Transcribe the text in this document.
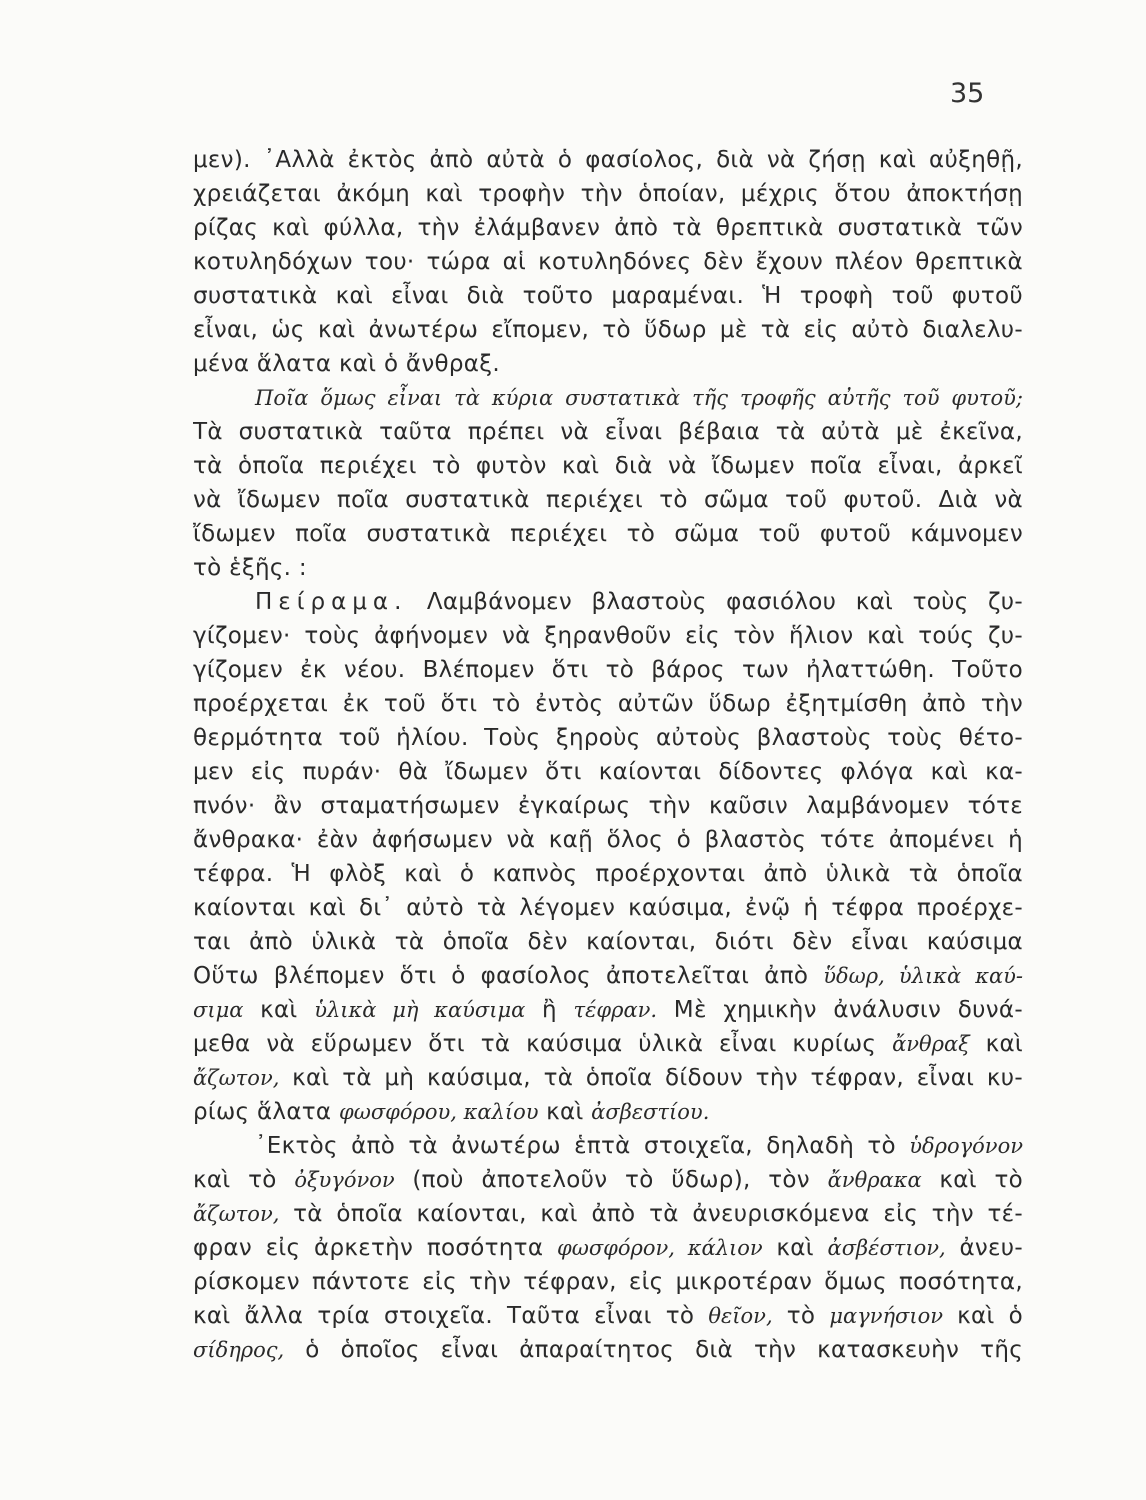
35
μεν). ᾽Αλλὰ ἐκτὸς ἀπὸ αὐτὰ ὁ φασίολος, διὰ νὰ ζήσῃ καὶ αὐξηθῇ,
χρειάζεται ἀκόμη καὶ τροφὴν τὴν ὁποίαν, μέχρις ὅτου ἀποκτήσῃ
ρίζας καὶ φύλλα, τὴν ἐλάμβανεν ἀπὸ τὰ θρεπτικὰ συστατικὰ τῶν
κοτυληδόχων του· τώρα αἱ κοτυληδόνες δὲν ἔχουν πλέον θρεπτικὰ
συστατικὰ καὶ εἶναι διὰ τοῦτο μαραμέναι. Ἡ τροφὴ τοῦ φυτοῦ
εἶναι, ὡς καὶ ἀνωτέρω εἴπομεν, τὸ ὕδωρ μὲ τὰ εἰς αὐτὸ διαλελυ-
μένα ἅλατα καὶ ὁ ἄνθραξ.
Ποῖα ὅμως εἶναι τὰ κύρια συστατικὰ τῆς τροφῆς αὐτῆς τοῦ φυτοῦ;
Τὰ συστατικὰ ταῦτα πρέπει νὰ εἶναι βέβαια τὰ αὐτὰ μὲ ἐκεῖνα,
τὰ ὁποῖα περιέχει τὸ φυτὸν καὶ διὰ νὰ ἴδωμεν ποῖα εἶναι, ἀρκεῖ
νὰ ἴδωμεν ποῖα συστατικὰ περιέχει τὸ σῶμα τοῦ φυτοῦ. Διὰ νὰ
ἴδωμεν ποῖα συστατικὰ περιέχει τὸ σῶμα τοῦ φυτοῦ κάμνομεν
τὸ ἑξῆς. :
Πείραμα. Λαμβάνομεν βλαστοὺς φασιόλου καὶ τοὺς ζυ-
γίζομεν· τοὺς ἀφήνομεν νὰ ξηρανθοῦν εἰς τὸν ἥλιον καὶ τούς ζυ-
γίζομεν ἐκ νέου. Βλέπομεν ὅτι τὸ βάρος των ἠλαττώθη. Τοῦτο
προέρχεται ἐκ τοῦ ὅτι τὸ ἐντὸς αὐτῶν ὕδωρ ἐξητμίσθη ἀπὸ τὴν
θερμότητα τοῦ ἡλίου. Τοὺς ξηροὺς αὐτοὺς βλαστοὺς τοὺς θέτο-
μεν εἰς πυράν· θὰ ἴδωμεν ὅτι καίονται δίδοντες φλόγα καὶ κα-
πνόν· ἂν σταματήσωμεν ἐγκαίρως τὴν καῦσιν λαμβάνομεν τότε
ἄνθρακα· ἐὰν ἀφήσωμεν νὰ καῇ ὅλος ὁ βλαστὸς τότε ἀπομένει ἡ
τέφρα. Ἡ φλὸξ καὶ ὁ καπνὸς προέρχονται ἀπὸ ὑλικὰ τὰ ὁποῖα
καίονται καὶ δι᾽ αὐτὸ τὰ λέγομεν καύσιμα, ἐνῷ ἡ τέφρα προέρχε-
ται ἀπὸ ὑλικὰ τὰ ὁποῖα δὲν καίονται, διότι δὲν εἶναι καύσιμα
Οὕτω βλέπομεν ὅτι ὁ φασίολος ἀποτελεῖται ἀπὸ ὕδωρ, ὑλικὰ καύ-
σιμα καὶ ὑλικὰ μὴ καύσιμα ἢ τέφραν. Μὲ χημικὴν ἀνάλυσιν δυνά-
μεθα νὰ εὕρωμεν ὅτι τὰ καύσιμα ὑλικὰ εἶναι κυρίως ἄνθραξ καὶ
ἄζωτον, καὶ τὰ μὴ καύσιμα, τὰ ὁποῖα δίδουν τὴν τέφραν, εἶναι κυ-
ρίως ἅλατα φωσφόρου, καλίου καὶ ἀσβεστίου.
᾽Εκτὸς ἀπὸ τὰ ἀνωτέρω ἑπτὰ στοιχεῖα, δηλαδὴ τὸ ὑδρογόνον
καὶ τὸ ὀξυγόνον (ποὺ ἀποτελοῦν τὸ ὕδωρ), τὸν ἄνθρακα καὶ τὸ
ἄζωτον, τὰ ὁποῖα καίονται, καὶ ἀπὸ τὰ ἀνευρισκόμενα εἰς τὴν τέ-
φραν εἰς ἀρκετὴν ποσότητα φωσφόρον, κάλιον καὶ ἀσβέστιον, ἀνευ-
ρίσκομεν πάντοτε εἰς τὴν τέφραν, εἰς μικροτέραν ὅμως ποσότητα,
καὶ ἄλλα τρία στοιχεῖα. Ταῦτα εἶναι τὸ θεῖον, τὸ μαγνήσιον καὶ ὁ
σίδηρος, ὁ ὁποῖος εἶναι ἀπαραίτητος διὰ τὴν κατασκευὴν τῆς
